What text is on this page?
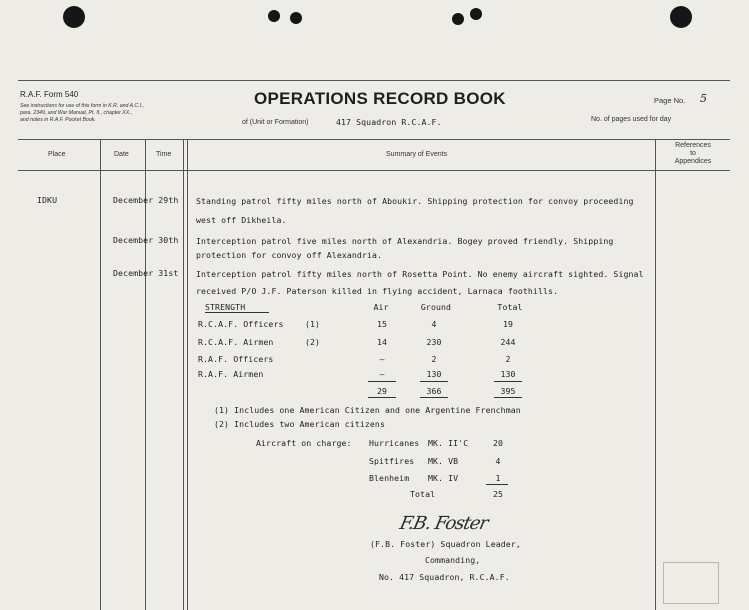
R.A.F. Form 540
See instructions for use of this form in K.R. and A.C.I.,
para. 2349, and War Manual, Pt. II., chapter XX.,
and notes in R.A.F. Pocket Book.
OPERATIONS RECORD BOOK
of (Unit or Formation)	417 Squadron R.C.A.F.
Page No. 5
No. of pages used for day
Place	Date	Time	Summary of Events
References
to
Appendices
IDKU	December 29th Standing patrol fifty miles north of Aboukir. Shipping protection for convoy proceeding
west off Dikheila.
December 30th Interception patrol five miles north of Alexandria. Bogey proved friendly. Shipping
protection for convoy off Alexandria.
December 31st Interception patrol fifty miles north of Rosetta Point. No enemy aircraft sighted. Signal
received P/O J.F. Paterson killed in flying accident, Larnaca foothills.
STRENGTH	Air	Ground	Total
R.C.A.F. Officers	(1)	15	4	19
R.C.A.F. Airmen	(2)	14	230	244
R.A.F. Officers	—	2	2
R.A.F. Airmen	—	130	130
29	366	395
(1) Includes one American Citizen and one Argentine Frenchman
(2) Includes two American citizens
Aircraft on charge: Hurricanes MK. II'C	20
Spitfires MK. VB	4
Blenheim MK. IV	1
Total	25
F.B. Foster
(F.B. Foster) Squadron Leader,
Commanding,
No. 417 Squadron, R.C.A.F.
